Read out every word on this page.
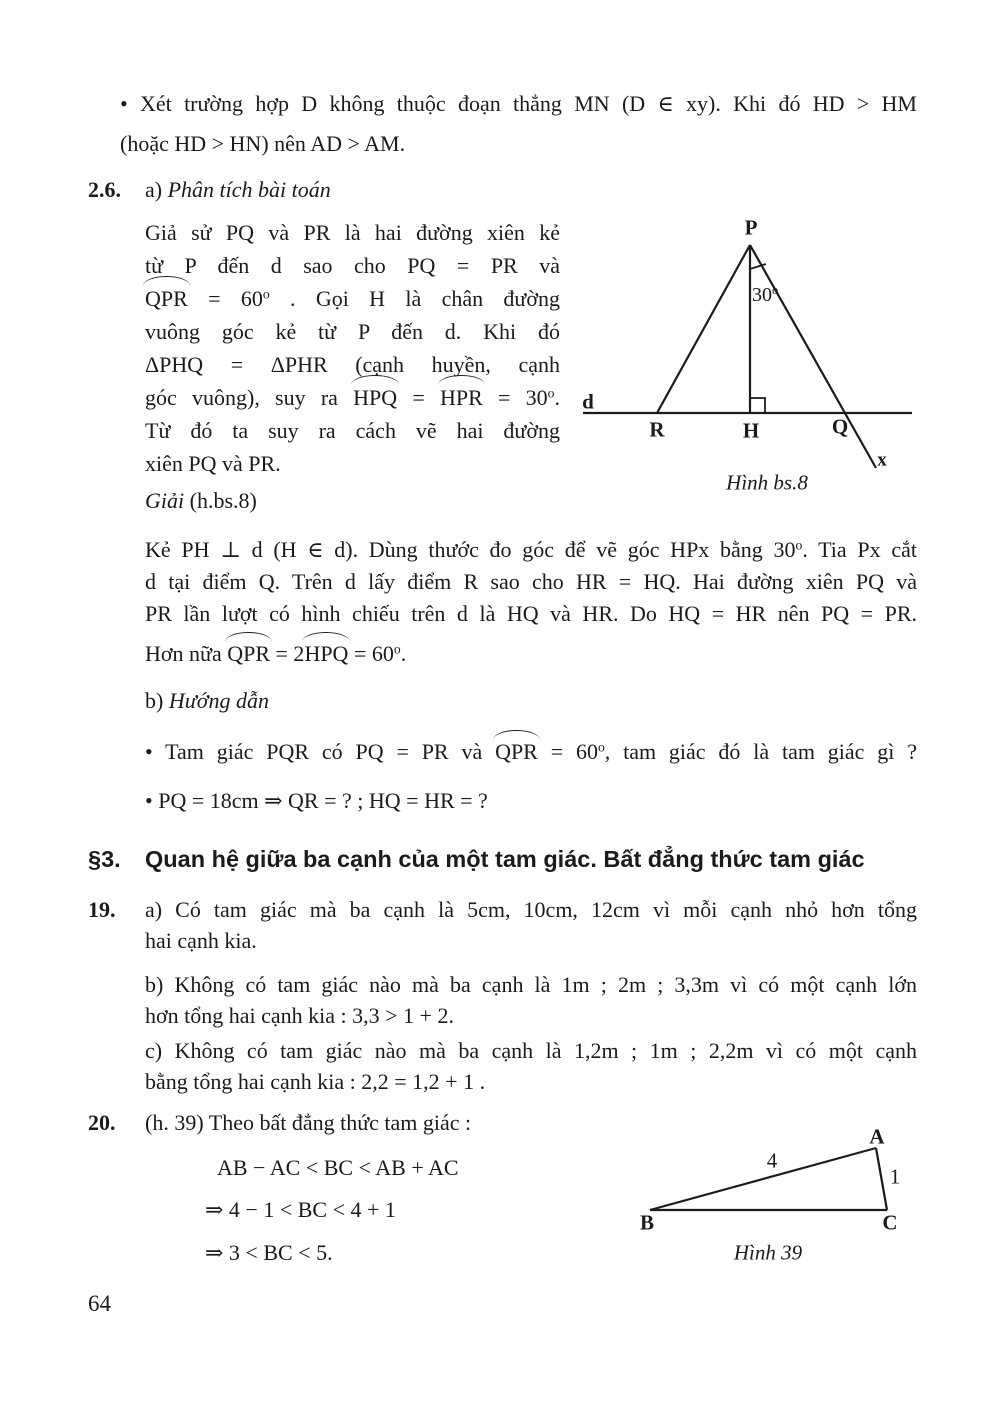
• Xét trường hợp D không thuộc đoạn thẳng MN (D ∈ xy). Khi đó HD > HM
(hoặc HD > HN) nên AD > AM.
2.6. a) Phân tích bài toán
Giả sử PQ và PR là hai đường xiên kẻ
từ P đến d sao cho PQ = PR và
QPR = $60^o$ . Gọi H là chân đường
vuông góc kẻ từ P đến d. Khi đó
ΔPHQ = ΔPHR (cạnh huyền, cạnh
góc vuông), suy ra HPQ = HPR = $30^o$.
Từ đó ta suy ra cách vẽ hai đường
xiên PQ và PR.
P
d
R	H	Q
x
30$^o$
Hình bs.8
Giải (h.bs.8)
Kẻ PH ⊥ d (H ∈ d). Dùng thước đo góc để vẽ góc HPx bằng 30$^o$. Tia Px cắt
d tại điểm Q. Trên d lấy điểm R sao cho HR = HQ. Hai đường xiên PQ và
PR lần lượt có hình chiếu trên d là HQ và HR. Do HQ = HR nên PQ = PR.
Hơn nữa QPR = $2HPQ = 60^o$.
b) Hướng dẫn
• Tam giác PQR có PQ = PR và QPR = $60^o$, tam giác đó là tam giác gì ?
• PQ = 18cm ⇒ QR = ? ; HQ = HR = ?
§3. Quan hệ giữa ba cạnh của một tam giác. Bất đẳng thức tam giác
19. a) Có tam giác mà ba cạnh là 5cm, 10cm, 12cm vì mỗi cạnh nhỏ hơn tổng
hai cạnh kia.
b) Không có tam giác nào mà ba cạnh là 1m ; 2m ; 3,3m vì có một cạnh lớn
hơn tổng hai cạnh kia : 3,3 > 1 + 2.
c) Không có tam giác nào mà ba cạnh là 1,2m ; 1m ; 2,2m vì có một cạnh
bằng tổng hai cạnh kia : 2,2 = 1,2 + 1 .
20. (h. 39) Theo bất đẳng thức tam giác :
AB − AC < BC < AB + AC
⇒ 4 − 1 < BC < 4 + 1
⇒ 3 < BC < 5.
A
B	C
4
1
Hình 39
64
